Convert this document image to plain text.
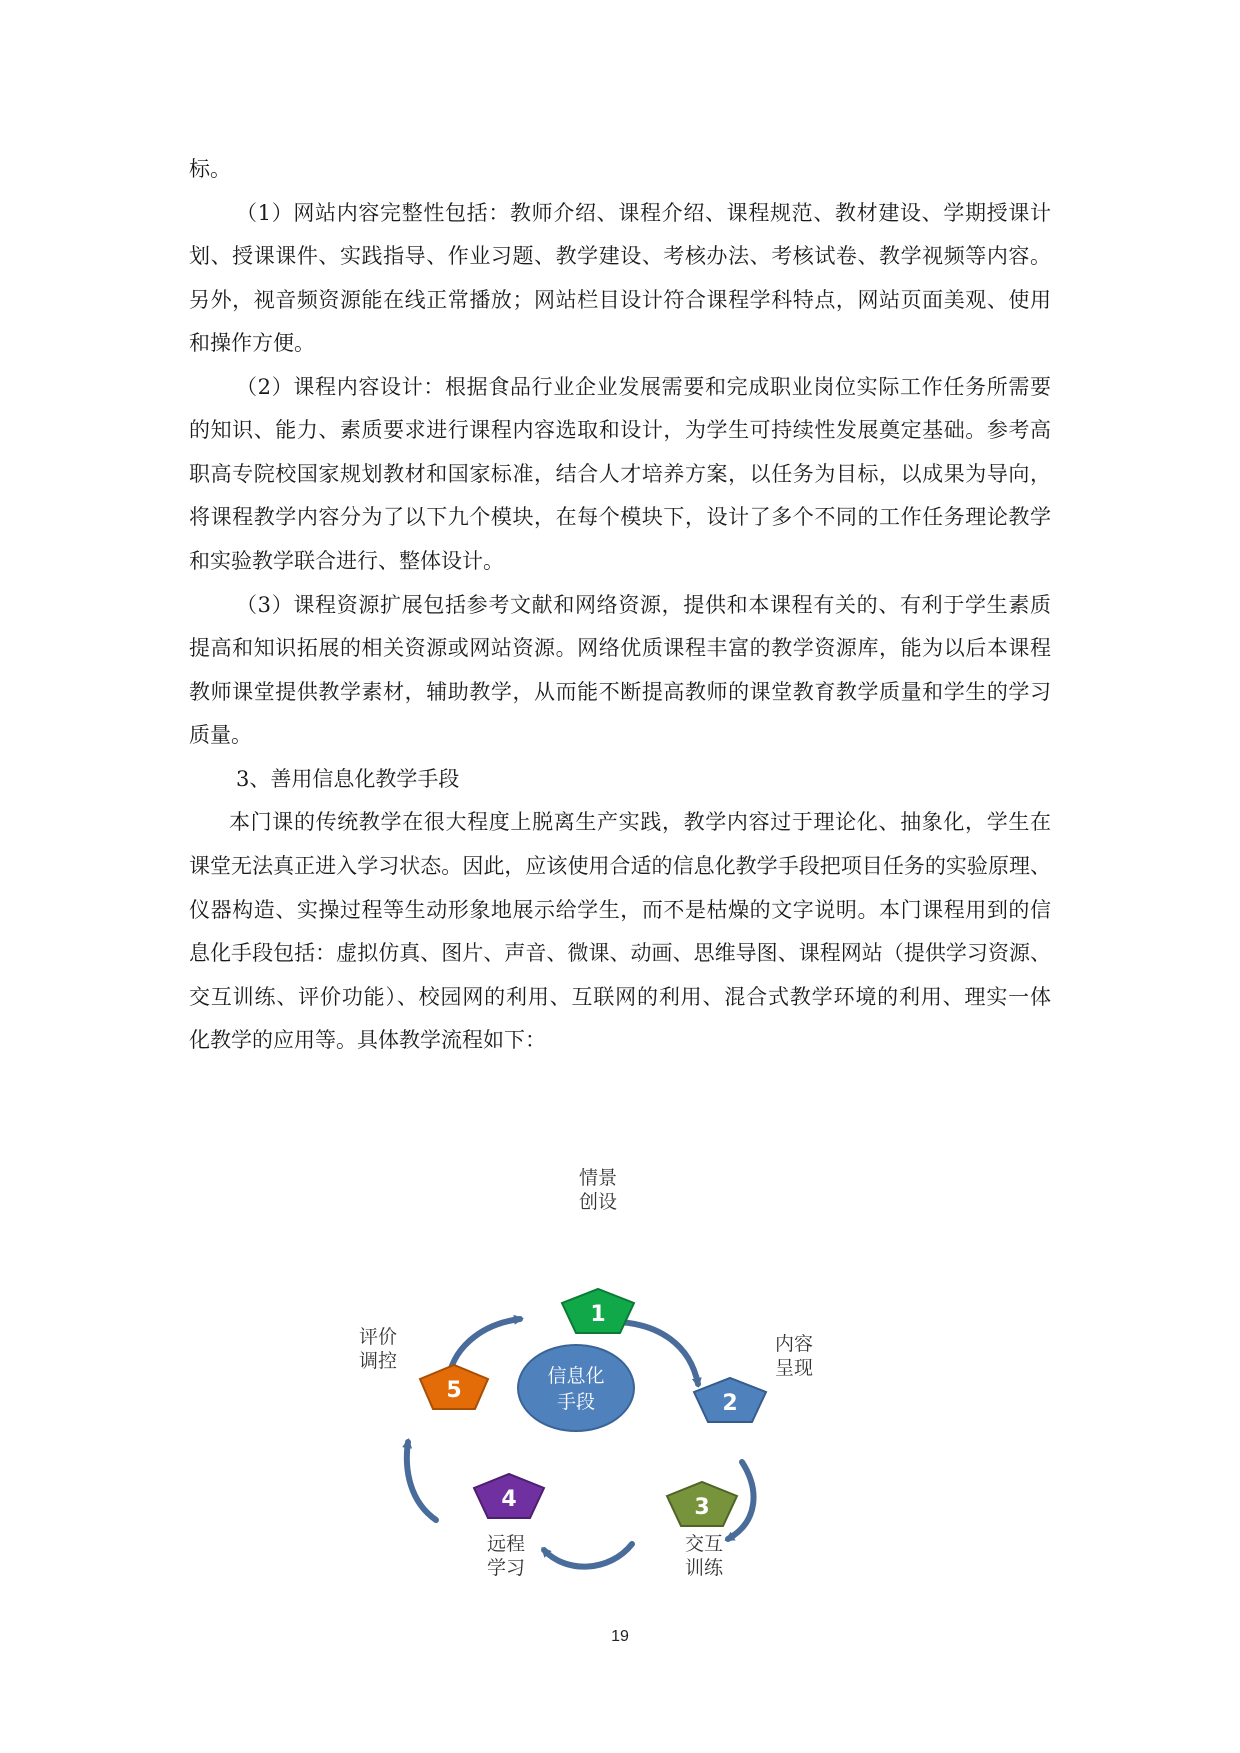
标。
（1）网站内容完整性包括：教师介绍、课程介绍、课程规范、教材建设、学期授课计
划、授课课件、实践指导、作业习题、教学建设、考核办法、考核试卷、教学视频等内容。
另外，视音频资源能在线正常播放；网站栏目设计符合课程学科特点，网站页面美观、使用
和操作方便。
（2）课程内容设计：根据食品行业企业发展需要和完成职业岗位实际工作任务所需要
的知识、能力、素质要求进行课程内容选取和设计，为学生可持续性发展奠定基础。参考高
职高专院校国家规划教材和国家标准，结合人才培养方案，以任务为目标，以成果为导向，
将课程教学内容分为了以下九个模块，在每个模块下，设计了多个不同的工作任务理论教学
和实验教学联合进行、整体设计。
（3）课程资源扩展包括参考文献和网络资源，提供和本课程有关的、有利于学生素质
提高和知识拓展的相关资源或网站资源。网络优质课程丰富的教学资源库，能为以后本课程
教师课堂提供教学素材，辅助教学，从而能不断提高教师的课堂教育教学质量和学生的学习
质量。
3、善用信息化教学手段
本门课的传统教学在很大程度上脱离生产实践，教学内容过于理论化、抽象化，学生在
课堂无法真正进入学习状态。因此，应该使用合适的信息化教学手段把项目任务的实验原理、
仪器构造、实操过程等生动形象地展示给学生，而不是枯燥的文字说明。本门课程用到的信
息化手段包括：虚拟仿真、图片、声音、微课、动画、思维导图、课程网站（提供学习资源、
交互训练、评价功能）、校园网的利用、互联网的利用、混合式教学环境的利用、理实一体
化教学的应用等。具体教学流程如下：
信息化
手段
1
2
3
4
5
情景
创设
内容
呈现
交互
训练
远程
学习
评价
调控
19
